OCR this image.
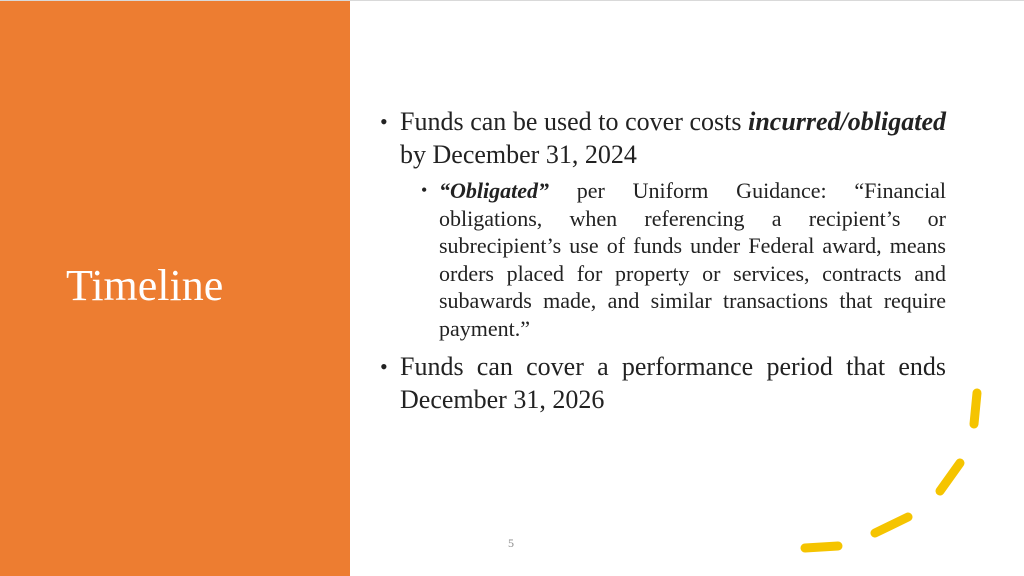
Timeline
• Funds can be used to cover costs incurred/obligated by December 31, 2024
• “Obligated” per Uniform Guidance: “Financial obligations, when referencing a recipient’s or subrecipient’s use of funds under Federal award, means orders placed for property or services, contracts and subawards made, and similar transactions that require payment.”
• Funds can cover a performance period that ends December 31, 2026
5
